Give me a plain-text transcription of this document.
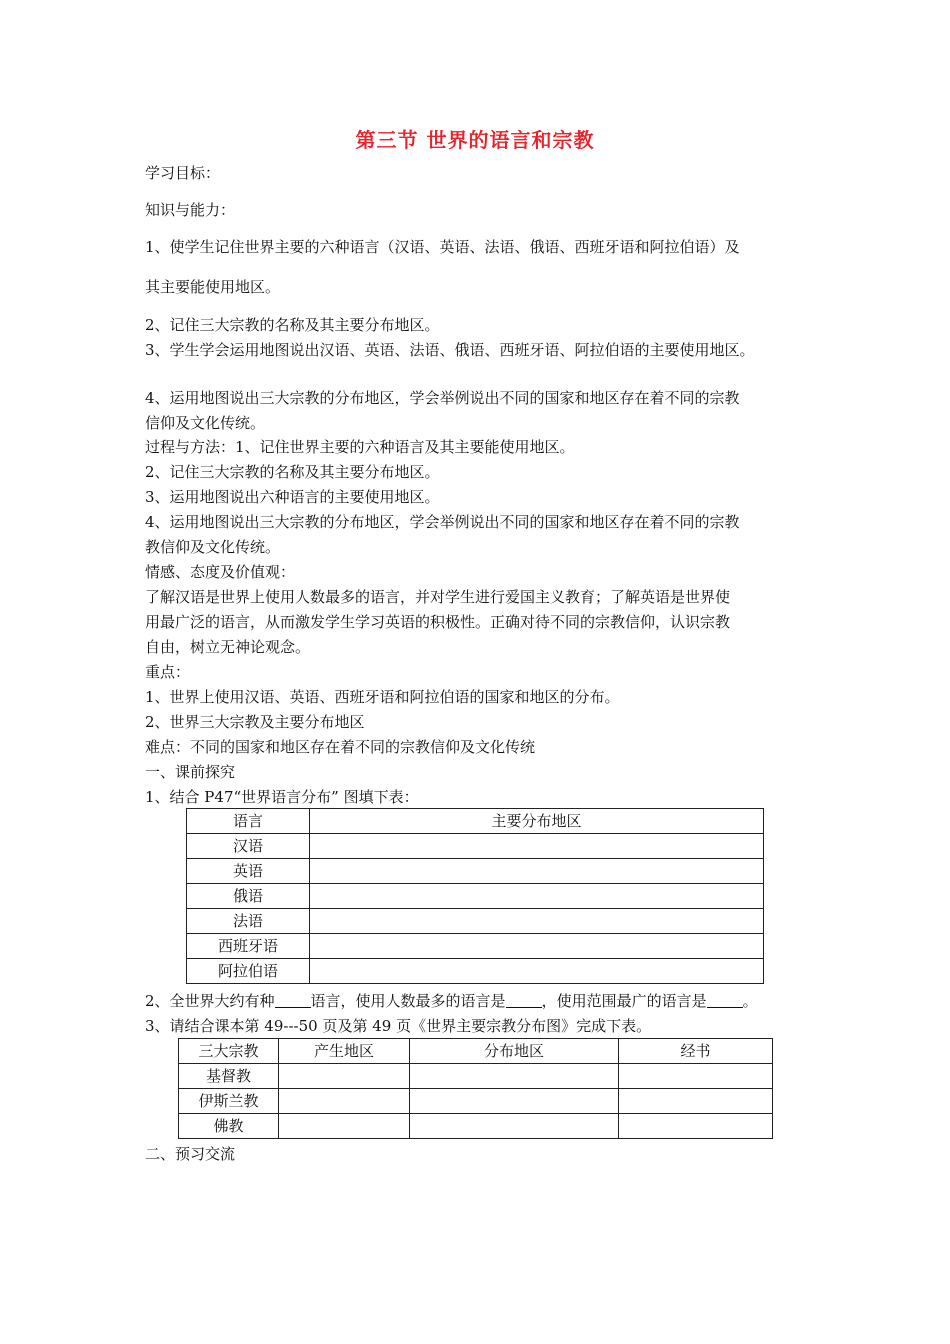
第三节 世界的语言和宗教
学习目标：
知识与能力：
1、使学生记住世界主要的六种语言（汉语、英语、法语、俄语、西班牙语和阿拉伯语）及
其主要能使用地区。
2、记住三大宗教的名称及其主要分布地区。
3、学生学会运用地图说出汉语、英语、法语、俄语、西班牙语、阿拉伯语的主要使用地区。
4、运用地图说出三大宗教的分布地区，学会举例说出不同的国家和地区存在着不同的宗教
信仰及文化传统。
过程与方法：1、记住世界主要的六种语言及其主要能使用地区。
2、记住三大宗教的名称及其主要分布地区。
3、运用地图说出六种语言的主要使用地区。
4、运用地图说出三大宗教的分布地区，学会举例说出不同的国家和地区存在着不同的宗教
教信仰及文化传统。
情感、态度及价值观：
了解汉语是世界上使用人数最多的语言，并对学生进行爱国主义教育；了解英语是世界使
用最广泛的语言，从而激发学生学习英语的积极性。正确对待不同的宗教信仰，认识宗教
自由，树立无神论观念。
重点：
1、世界上使用汉语、英语、西班牙语和阿拉伯语的国家和地区的分布。
2、世界三大宗教及主要分布地区
难点：不同的国家和地区存在着不同的宗教信仰及文化传统
一、课前探究
1、结合 P47“世界语言分布” 图填下表：
语言	主要分布地区
汉语	
英语	
俄语	
法语	
西班牙语	
阿拉伯语	
2、全世界大约有种 语言，使用人数最多的语言是 ，使用范围最广的语言是 。
3、请结合课本第 49---50 页及第 49 页《世界主要宗教分布图》完成下表。
三大宗教	产生地区	分布地区	经书
基督教			
伊斯兰教			
佛教			
二、预习交流
